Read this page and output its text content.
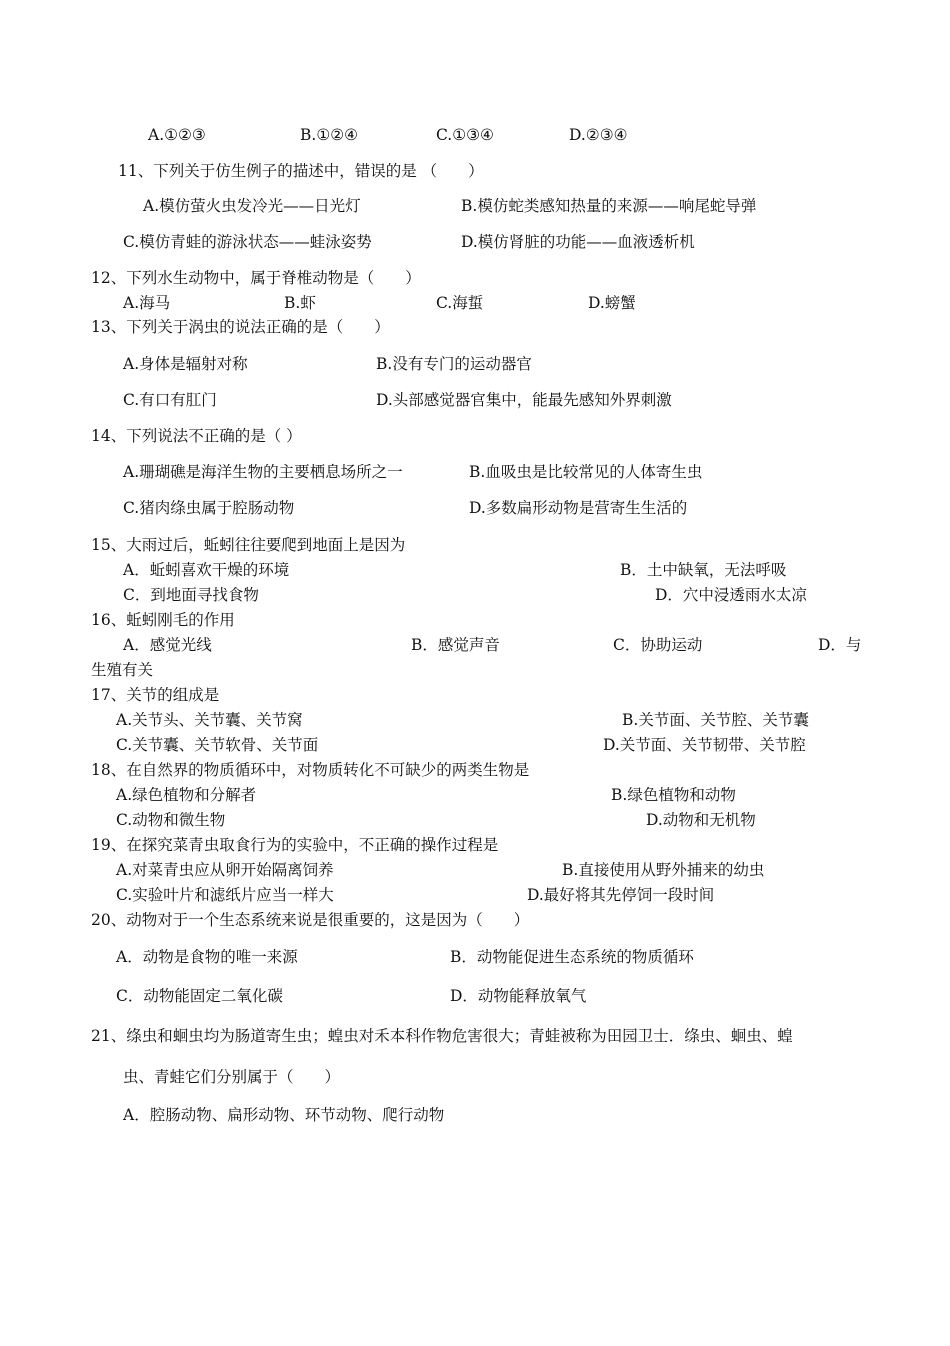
A.①②③	B.①②④	C.①③④	D.②③④
11、下列关于仿生例子的描述中，错误的是 （　　）
A.模仿萤火虫发冷光——日光灯	B.模仿蛇类感知热量的来源——响尾蛇导弹
C.模仿青蛙的游泳状态——蛙泳姿势	D.模仿肾脏的功能——血液透析机
12、下列水生动物中，属于脊椎动物是（　　）
A.海马	B.虾	C.海蜇	D.螃蟹
13、下列关于涡虫的说法正确的是（　　）
A.身体是辐射对称	B.没有专门的运动器官
C.有口有肛门	D.头部感觉器官集中，能最先感知外界刺激
14、下列说法不正确的是（ ）
A.珊瑚礁是海洋生物的主要栖息场所之一	B.血吸虫是比较常见的人体寄生虫
C.猪肉绦虫属于腔肠动物	D.多数扁形动物是营寄生生活的
15、大雨过后，蚯蚓往往要爬到地面上是因为
A．蚯蚓喜欢干燥的环境	B．土中缺氧，无法呼吸
C．到地面寻找食物	D．穴中浸透雨水太凉
16、蚯蚓刚毛的作用
A．感觉光线	B．感觉声音	C．协助运动	D．与
生殖有关
17、关节的组成是
A.关节头、关节囊、关节窝	B.关节面、关节腔、关节囊
C.关节囊、关节软骨、关节面	D.关节面、关节韧带、关节腔
18、在自然界的物质循环中，对物质转化不可缺少的两类生物是
A.绿色植物和分解者	B.绿色植物和动物
C.动物和微生物	D.动物和无机物
19、在探究菜青虫取食行为的实验中，不正确的操作过程是
A.对菜青虫应从卵开始隔离饲养	B.直接使用从野外捕来的幼虫
C.实验叶片和滤纸片应当一样大	D.最好将其先停饲一段时间
20、动物对于一个生态系统来说是很重要的，这是因为（　　）
A．动物是食物的唯一来源	B．动物能促进生态系统的物质循环
C．动物能固定二氧化碳	D．动物能释放氧气
21、绦虫和蛔虫均为肠道寄生虫；蝗虫对禾本科作物危害很大；青蛙被称为田园卫士．绦虫、蛔虫、蝗
虫、青蛙它们分别属于（　　）
A．腔肠动物、扁形动物、环节动物、爬行动物
